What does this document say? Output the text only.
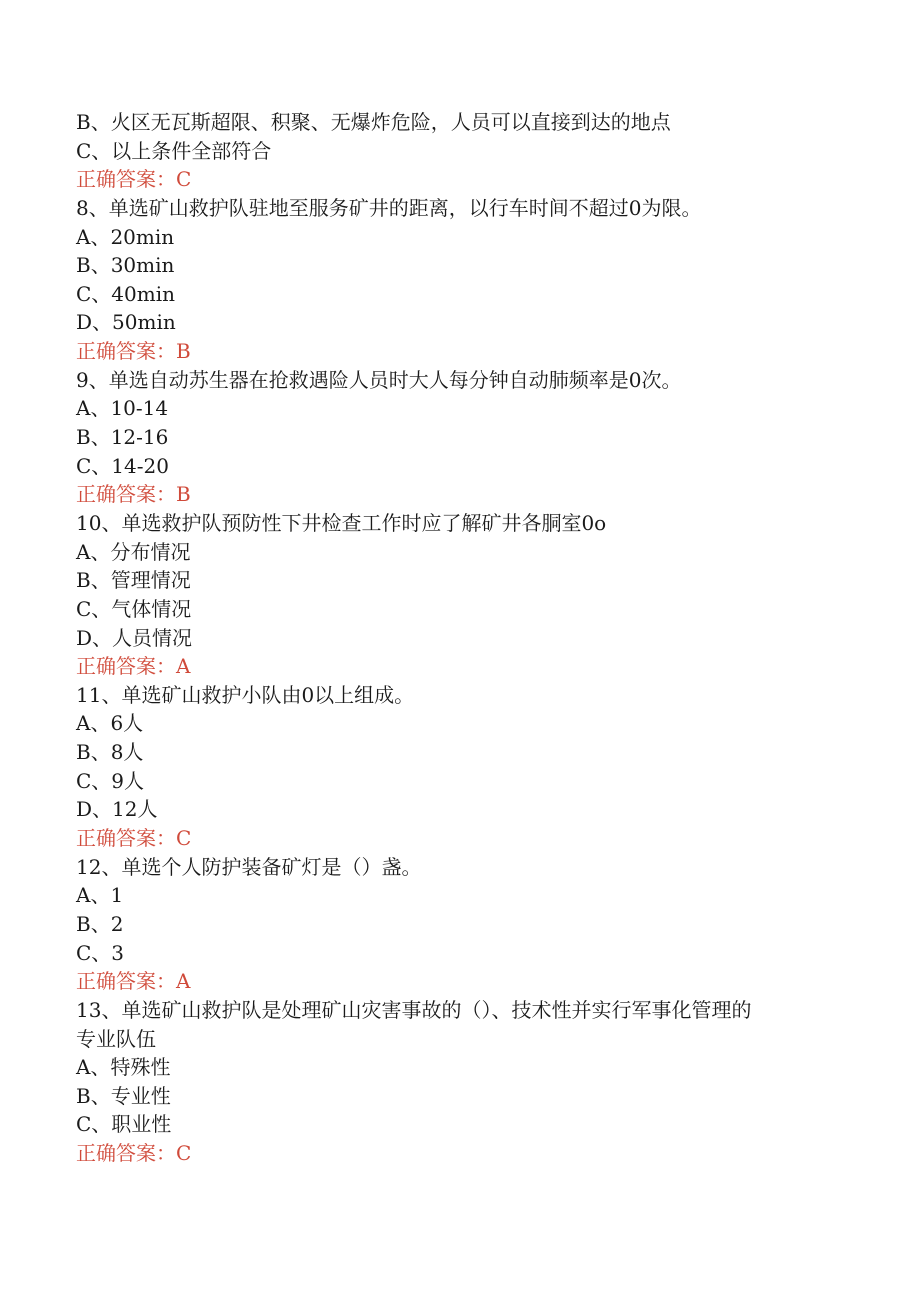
B、火区无瓦斯超限、积聚、无爆炸危险，人员可以直接到达的地点
C、以上条件全部符合
正确答案：C
8、单选矿山救护队驻地至服务矿井的距离，以行车时间不超过0为限。
A、20min
B、30min
C、40min
D、50min
正确答案：B
9、单选自动苏生器在抢救遇险人员时大人每分钟自动肺频率是0次。
A、10-14
B、12-16
C、14-20
正确答案：B
10、单选救护队预防性下井检查工作时应了解矿井各胴室0o
A、分布情况
B、管理情况
C、气体情况
D、人员情况
正确答案：A
11、单选矿山救护小队由0以上组成。
A、6人
B、8人
C、9人
D、12人
正确答案：C
12、单选个人防护装备矿灯是（）盏。
A、1
B、2
C、3
正确答案：A
13、单选矿山救护队是处理矿山灾害事故的（）、技术性并实行军事化管理的
专业队伍
A、特殊性
B、专业性
C、职业性
正确答案：C
